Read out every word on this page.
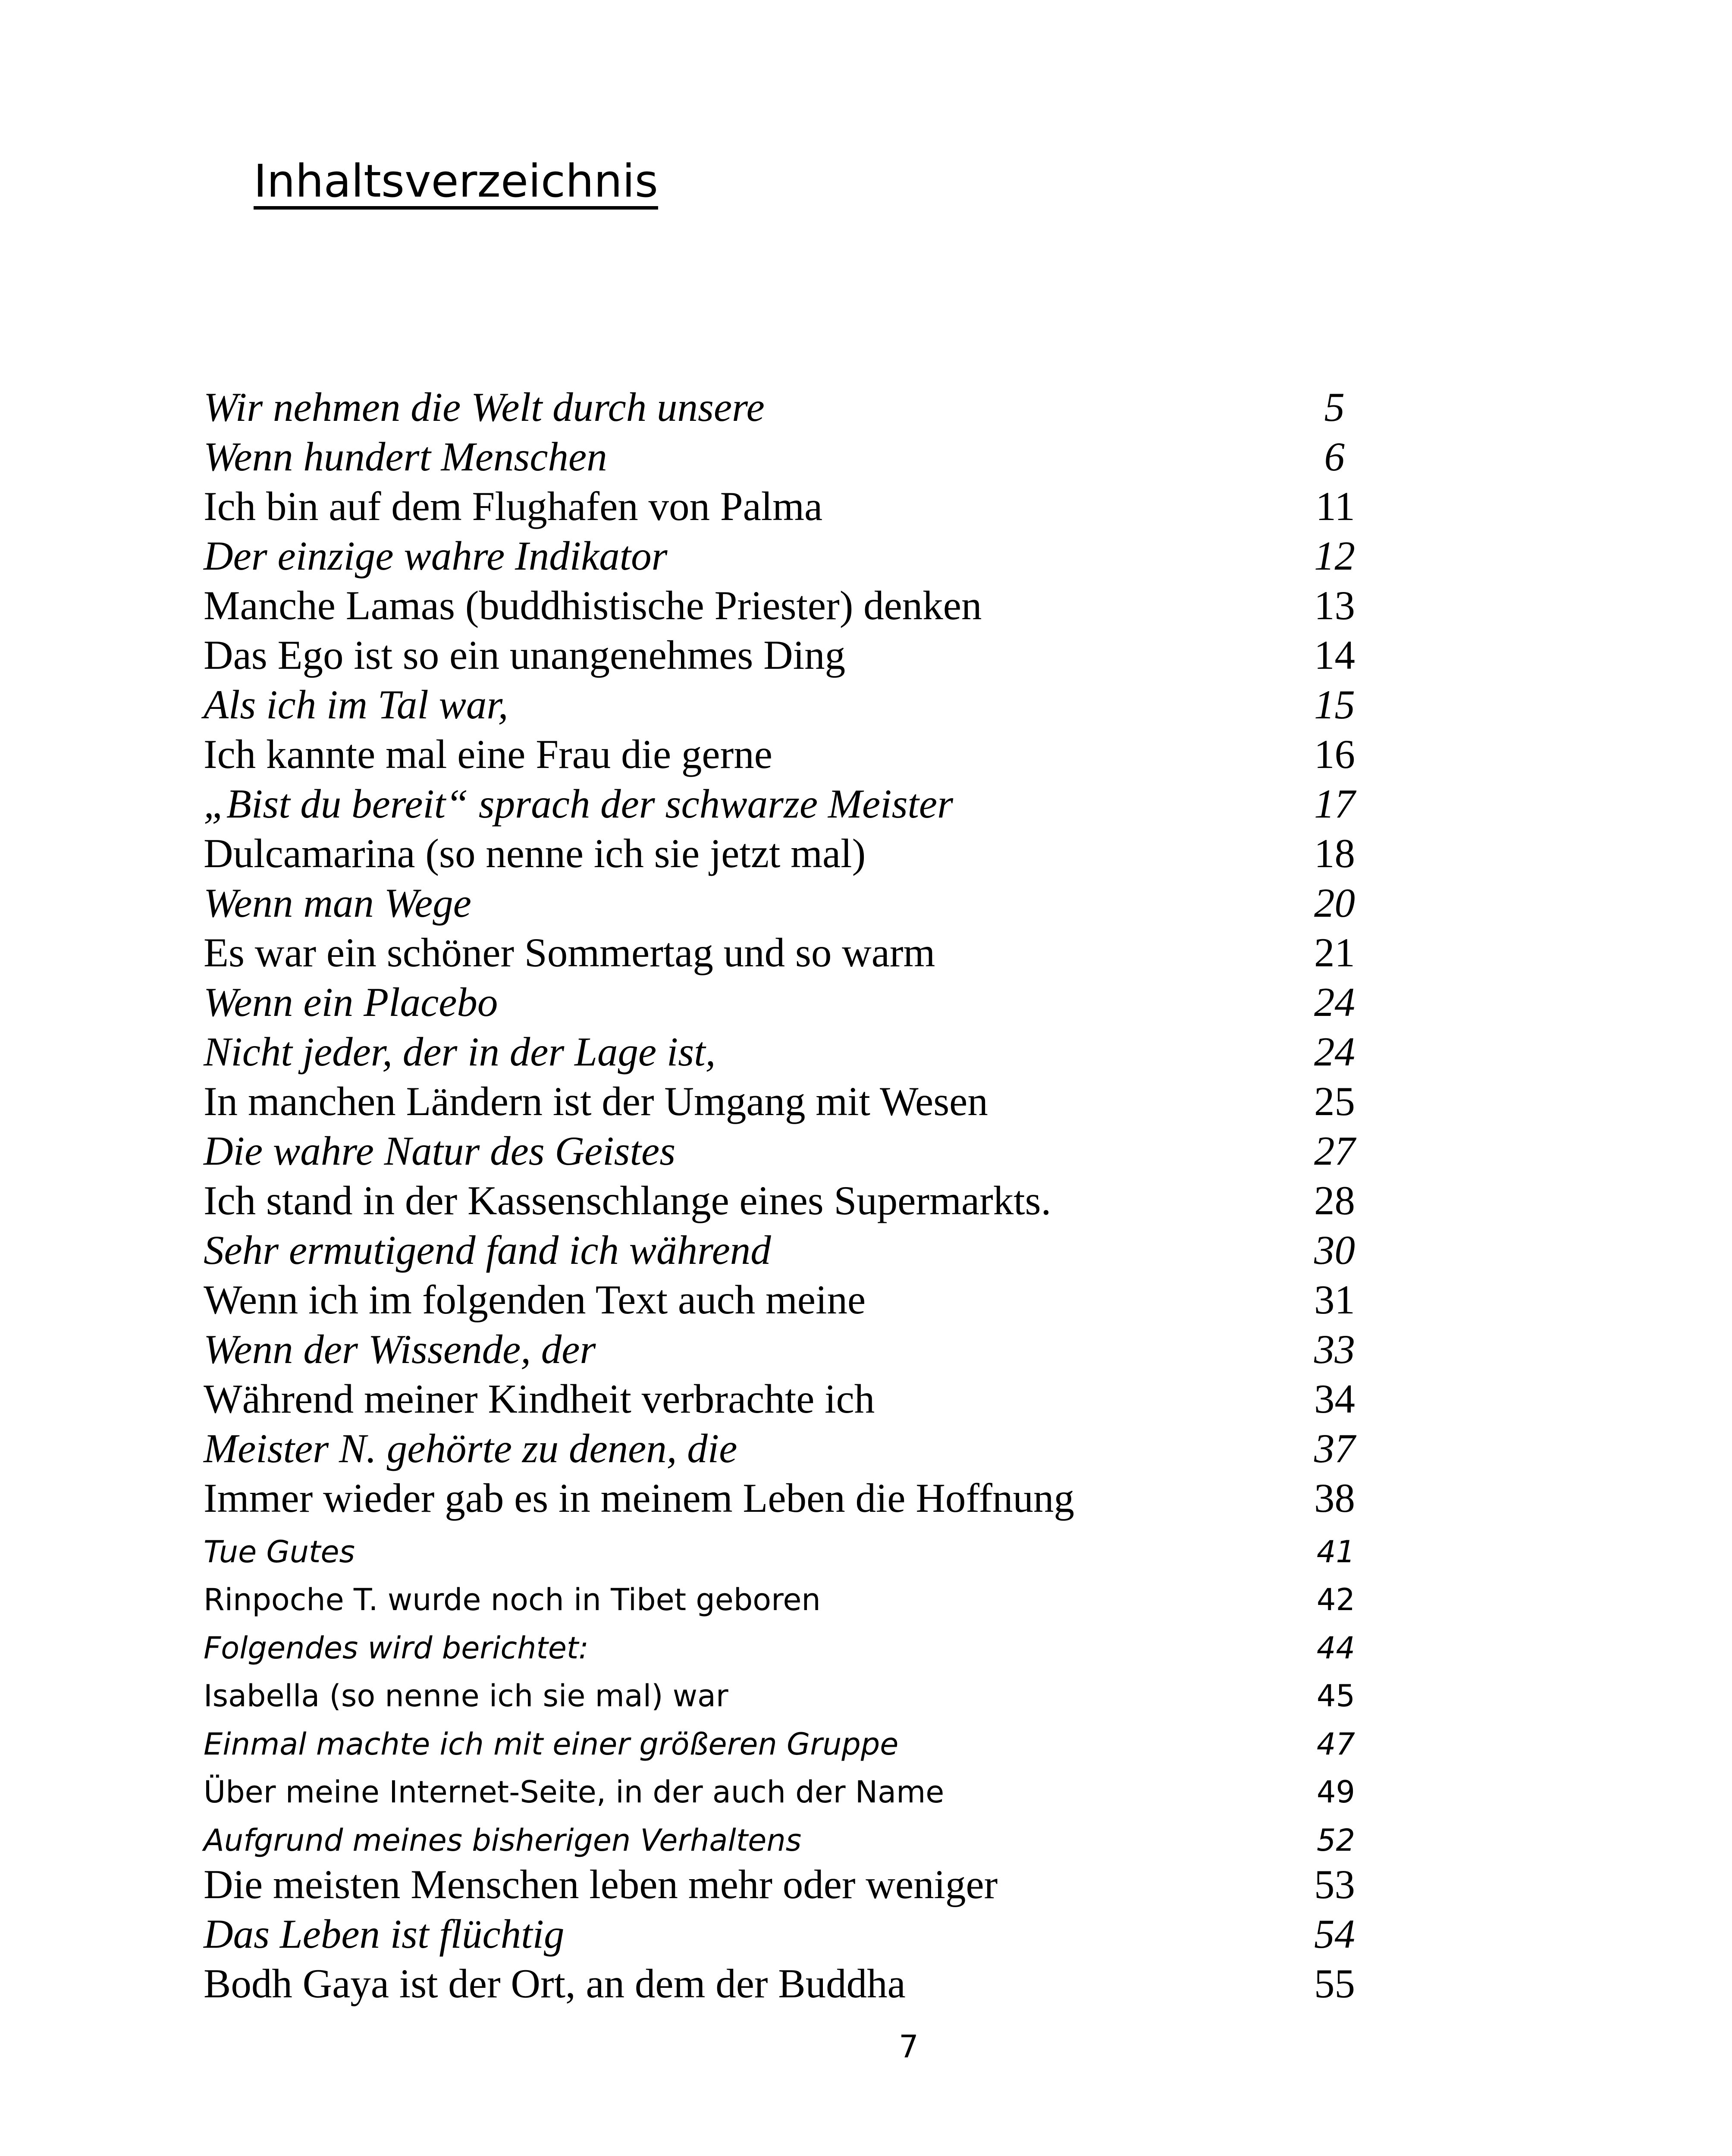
Inhaltsverzeichnis
Wir nehmen die Welt durch unsere	5
Wenn hundert Menschen	6
Ich bin auf dem Flughafen von Palma	11
Der einzige wahre Indikator	12
Manche Lamas (buddhistische Priester) denken	13
Das Ego ist so ein unangenehmes Ding	14
Als ich im Tal war,	15
Ich kannte mal eine Frau die gerne	16
„Bist du bereit“ sprach der schwarze Meister	17
Dulcamarina (so nenne ich sie jetzt mal)	18
Wenn man Wege	20
Es war ein schöner Sommertag und so warm	21
Wenn ein Placebo	24
Nicht jeder, der in der Lage ist,	24
In manchen Ländern ist der Umgang mit Wesen	25
Die wahre Natur des Geistes	27
Ich stand in der Kassenschlange eines Supermarkts.	28
Sehr ermutigend fand ich während	30
Wenn ich im folgenden Text auch meine	31
Wenn der Wissende, der	33
Während meiner Kindheit verbrachte ich	34
Meister N. gehörte zu denen, die	37
Immer wieder gab es in meinem Leben die Hoffnung	38
Tue Gutes	41
Rinpoche T. wurde noch in Tibet geboren	42
Folgendes wird berichtet:	44
Isabella (so nenne ich sie mal) war	45
Einmal machte ich mit einer größeren Gruppe	47
Über meine Internet-Seite, in der auch der Name	49
Aufgrund meines bisherigen Verhaltens	52
Die meisten Menschen leben mehr oder weniger	53
Das Leben ist flüchtig	54
Bodh Gaya ist der Ort, an dem der Buddha	55
7
